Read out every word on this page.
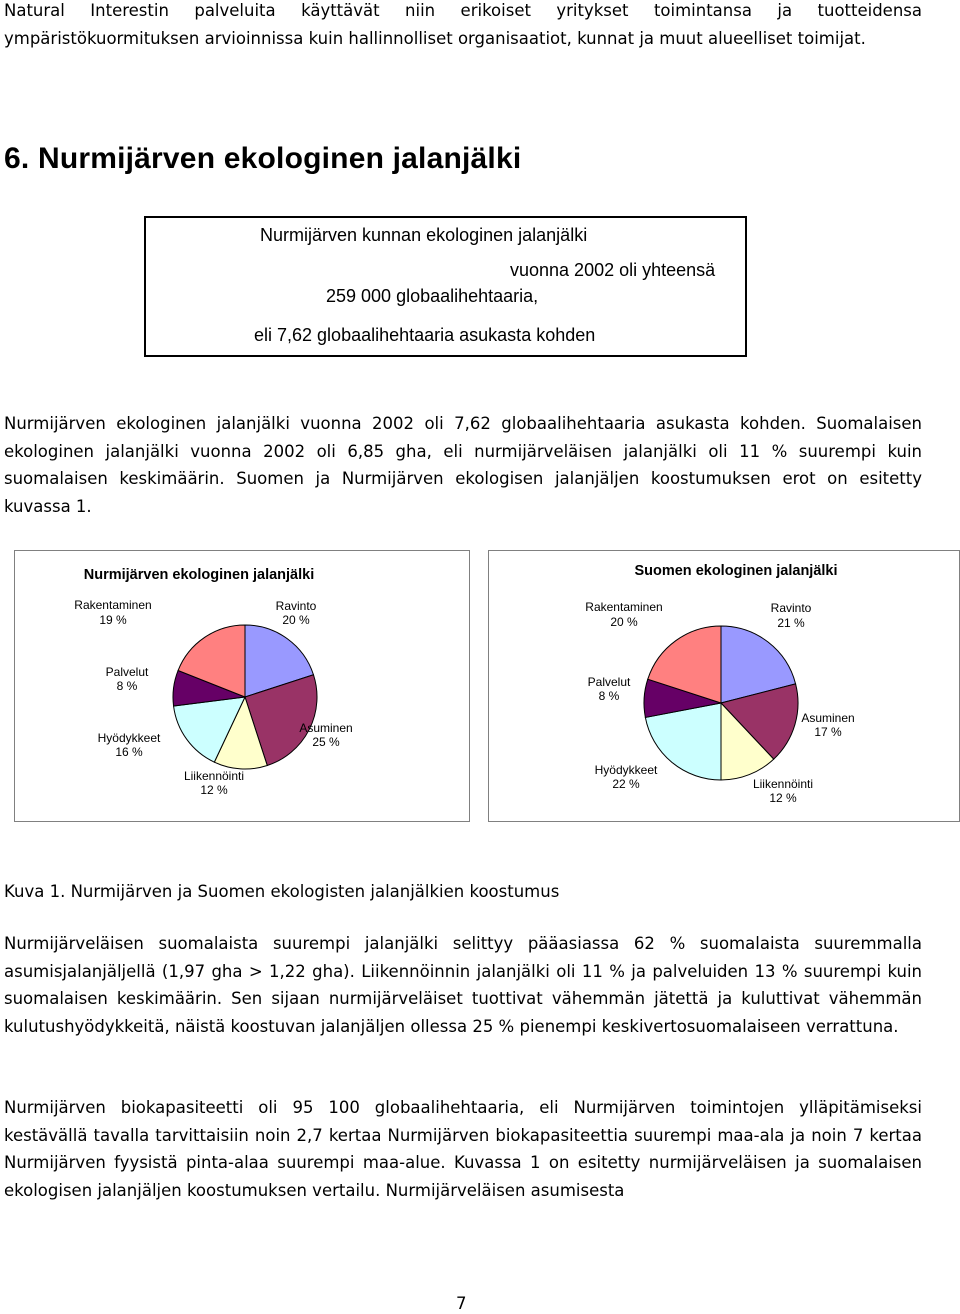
Natural Interestin palveluita käyttävät niin erikoiset yritykset toimintansa ja tuotteidensa ympäristökuormituksen arvioinnissa kuin hallinnolliset organisaatiot, kunnat ja muut alueelliset toimijat.
6. Nurmijärven ekologinen jalanjälki
Nurmijärven kunnan ekologinen jalanjälki
vuonna 2002 oli yhteensä
259 000 globaalihehtaaria,
eli 7,62 globaalihehtaaria asukasta kohden
Nurmijärven ekologinen jalanjälki vuonna 2002 oli 7,62 globaalihehtaaria asukasta kohden. Suomalaisen ekologinen jalanjälki vuonna 2002 oli 6,85 gha, eli nurmijärveläisen jalanjälki oli 11 % suurempi kuin suomalaisen keskimäärin. Suomen ja Nurmijärven ekologisen jalanjäljen koostumuksen erot on esitetty kuvassa 1.
Nurmijärven ekologinen jalanjälki
Rakentaminen
19 %
Ravinto
20 %
Palvelut
8 %
Hyödykkeet
16 %
Asuminen
25 %
Liikennöinti
12 %
Suomen ekologinen jalanjälki
Rakentaminen
20 %
Ravinto
21 %
Palvelut
8 %
Asuminen
17 %
Hyödykkeet
22 %	Liikennöinti
12 %
Kuva 1. Nurmijärven ja Suomen ekologisten jalanjälkien koostumus
Nurmijärveläisen suomalaista suurempi jalanjälki selittyy pääasiassa 62 % suomalaista suuremmalla asumisjalanjäljellä (1,97 gha > 1,22 gha). Liikennöinnin jalanjälki oli 11 % ja palveluiden 13 % suurempi kuin suomalaisen keskimäärin. Sen sijaan nurmijärveläiset tuottivat vähemmän jätettä ja kuluttivat vähemmän kulutushyödykkeitä, näistä koostuvan jalanjäljen ollessa 25 % pienempi keskivertosuomalaiseen verrattuna.
Nurmijärven biokapasiteetti oli 95 100 globaalihehtaaria, eli Nurmijärven toimintojen ylläpitämiseksi kestävällä tavalla tarvittaisiin noin 2,7 kertaa Nurmijärven biokapasiteettia suurempi maa-ala ja noin 7 kertaa Nurmijärven fyysistä pinta-alaa suurempi maa-alue. Kuvassa 1 on esitetty nurmijärveläisen ja suomalaisen ekologisen jalanjäljen koostumuksen vertailu. Nurmijärveläisen asumisesta
7
